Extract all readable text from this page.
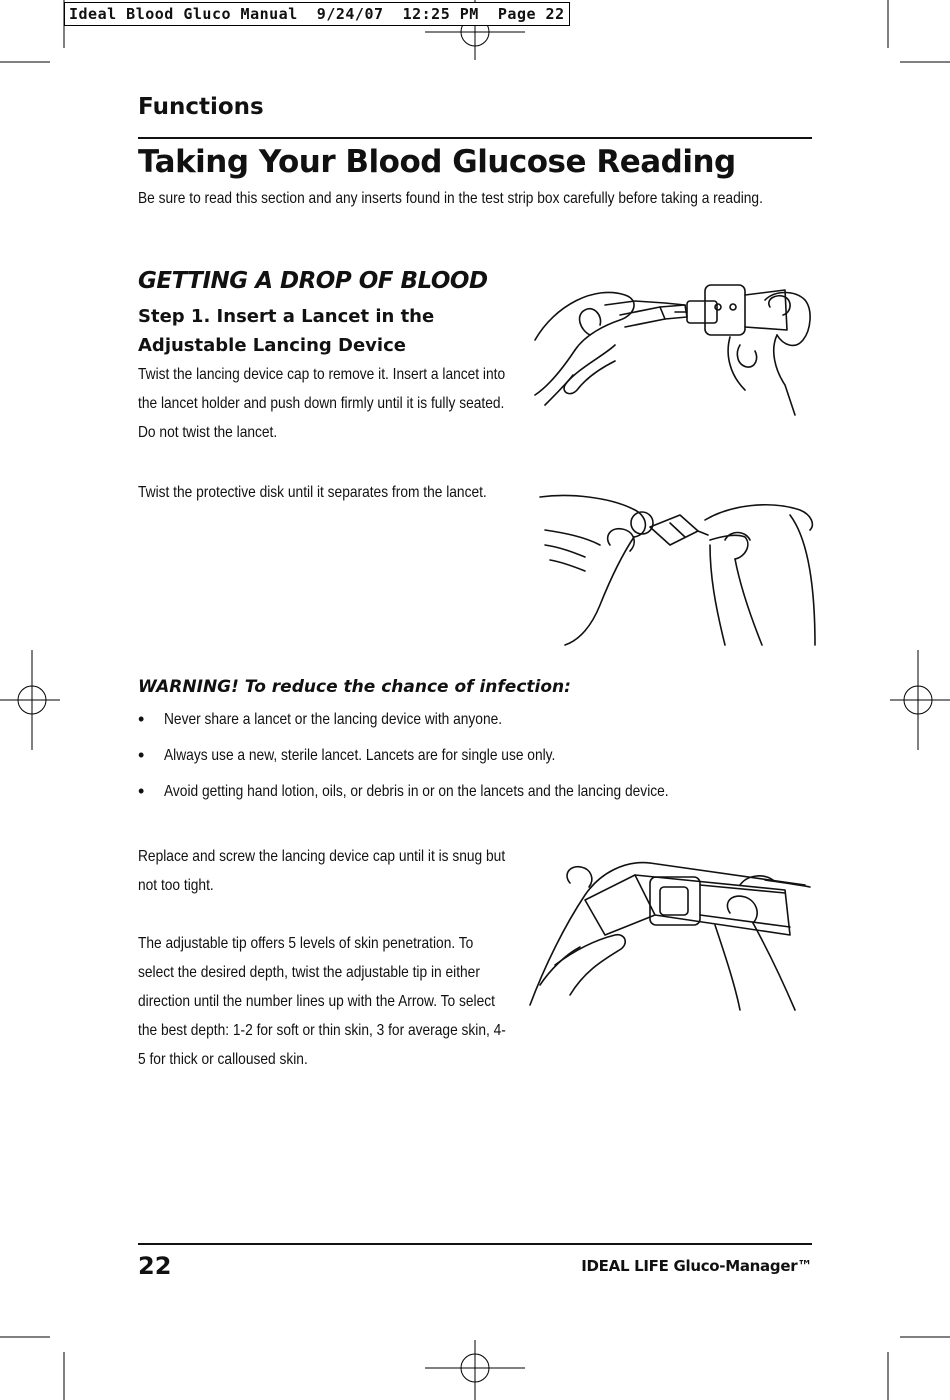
Ideal Blood Gluco Manual  9/24/07  12:25 PM  Page 22
Functions
Taking Your Blood Glucose Reading
Be sure to read this section and any inserts found in the test strip box carefully before taking a reading.
GETTING A DROP OF BLOOD
Step 1. Insert a Lancet in the
Adjustable Lancing Device
Twist the lancing device cap to remove it. Insert a lancet into the lancet holder and push down firmly until it is fully seated. Do not twist the lancet.
Twist the protective disk until it separates from the lancet.
WARNING! To reduce the chance of infection:
• Never share a lancet or the lancing device with anyone.
• Always use a new, sterile lancet. Lancets are for single use only.
• Avoid getting hand lotion, oils, or debris in or on the lancets and the lancing device.
Replace and screw the lancing device cap until it is snug but not too tight.
The adjustable tip offers 5 levels of skin penetration. To select the desired depth, twist the adjustable tip in either direction until the number lines up with the Arrow. To select the best depth: 1-2 for soft or thin skin, 3 for average skin, 4-5 for thick or calloused skin.
22	IDEAL LIFE Gluco-Manager™
